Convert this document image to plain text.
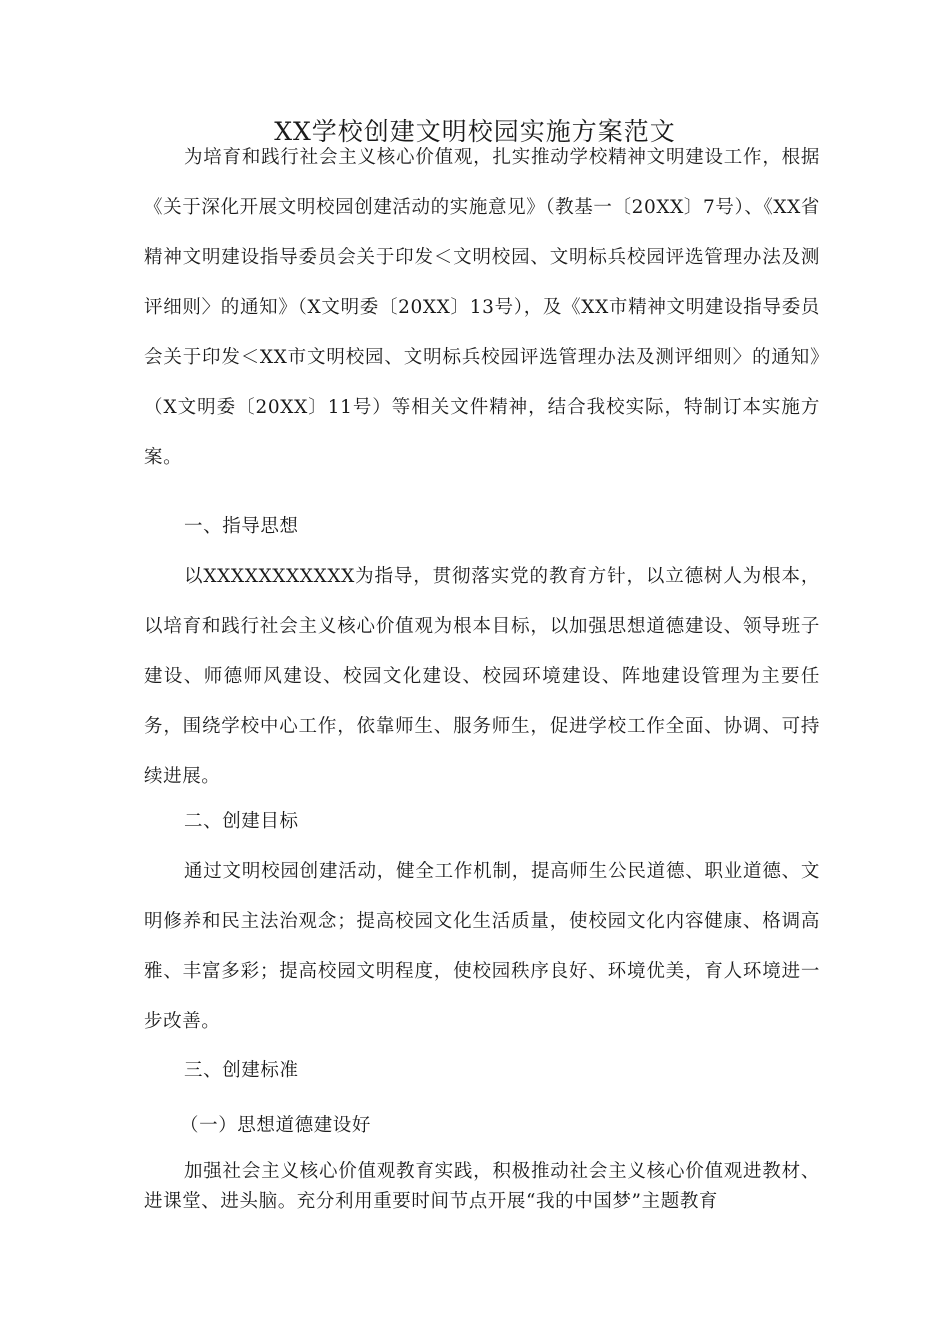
XX学校创建文明校园实施方案范文

为培育和践行社会主义核心价值观，扎实推动学校精神文明建设工作，根据《关于深化开展文明校园创建活动的实施意见》（教基一〔20XX〕7号）、《XX省精神文明建设指导委员会关于印发＜文明校园、文明标兵校园评选管理办法及测评细则〉的通知》（X文明委〔20XX〕13号），及《XX市精神文明建设指导委员会关于印发＜XX市文明校园、文明标兵校园评选管理办法及测评细则〉的通知》（X文明委〔20XX〕11号）等相关文件精神，结合我校实际，特制订本实施方案。

一、指导思想

以XXXXXXXXXXX为指导，贯彻落实党的教育方针，以立德树人为根本，以培育和践行社会主义核心价值观为根本目标，以加强思想道德建设、领导班子建设、师德师风建设、校园文化建设、校园环境建设、阵地建设管理为主要任务，围绕学校中心工作，依靠师生、服务师生，促进学校工作全面、协调、可持续进展。

二、创建目标

通过文明校园创建活动，健全工作机制，提高师生公民道德、职业道德、文明修养和民主法治观念；提高校园文化生活质量，使校园文化内容健康、格调高雅、丰富多彩；提高校园文明程度，使校园秩序良好、环境优美，育人环境进一步改善。

三、创建标准
（一）思想道德建设好

加强社会主义核心价值观教育实践，积极推动社会主义核心价值观进教材、进课堂、进头脑。充分利用重要时间节点开展“我的中国梦”主题教育
